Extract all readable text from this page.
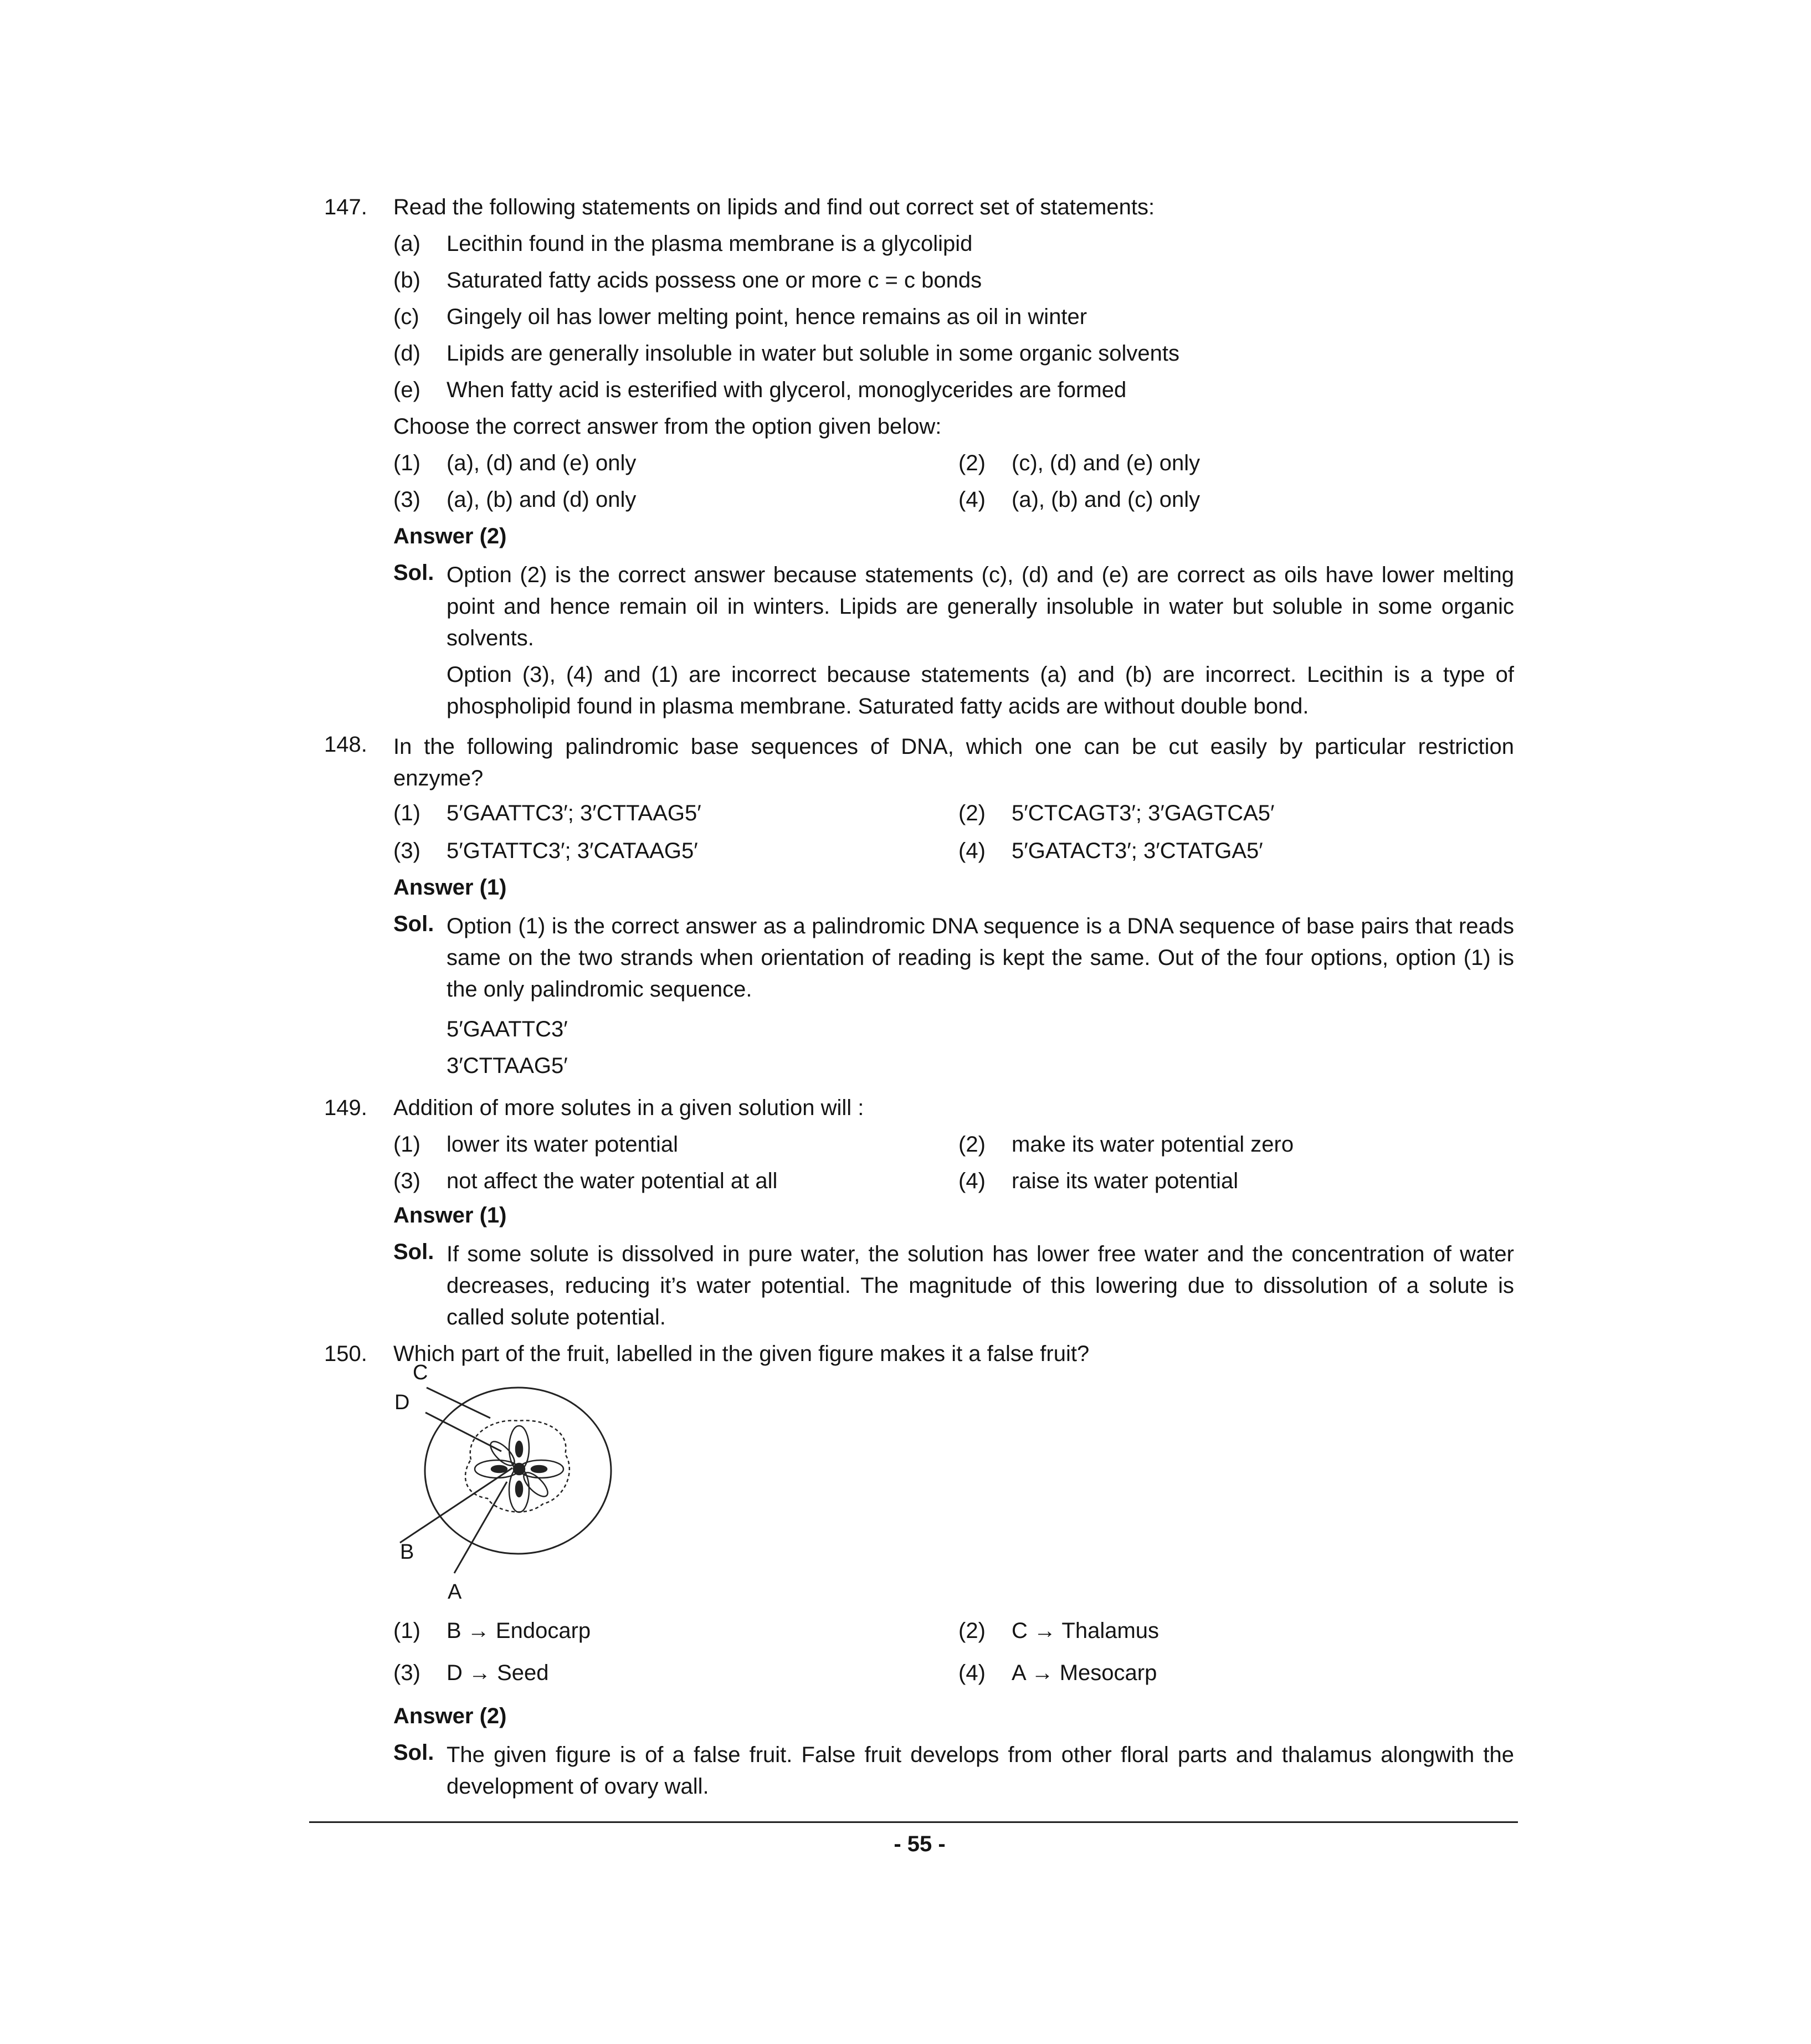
147. Read the following statements on lipids and find out correct set of statements:
(a) Lecithin found in the plasma membrane is a glycolipid
(b) Saturated fatty acids possess one or more c = c bonds
(c) Gingely oil has lower melting point, hence remains as oil in winter
(d) Lipids are generally insoluble in water but soluble in some organic solvents
(e) When fatty acid is esterified with glycerol, monoglycerides are formed
Choose the correct answer from the option given below:
(1) (a), (d) and (e) only	(2) (c), (d) and (e) only
(3) (a), (b) and (d) only	(4) (a), (b) and (c) only
Answer (2)
Sol. Option (2) is the correct answer because statements (c), (d) and (e) are correct as oils have lower melting point and hence remain oil in winters. Lipids are generally insoluble in water but soluble in some organic solvents.
Option (3), (4) and (1) are incorrect because statements (a) and (b) are incorrect. Lecithin is a type of phospholipid found in plasma membrane. Saturated fatty acids are without double bond.
148. In the following palindromic base sequences of DNA, which one can be cut easily by particular restriction enzyme?
(1) 5′GAATTC3′; 3′CTTAAG5′	(2) 5′CTCAGT3′; 3′GAGTCA5′
(3) 5′GTATTC3′; 3′CATAAG5′	(4) 5′GATACT3′; 3′CTATGA5′
Answer (1)
Sol. Option (1) is the correct answer as a palindromic DNA sequence is a DNA sequence of base pairs that reads same on the two strands when orientation of reading is kept the same. Out of the four options, option (1) is the only palindromic sequence.
5′GAATTC3′
3′CTTAAG5′
149. Addition of more solutes in a given solution will :
(1) lower its water potential	(2) make its water potential zero
(3) not affect the water potential at all	(4) raise its water potential
Answer (1)
Sol. If some solute is dissolved in pure water, the solution has lower free water and the concentration of water decreases, reducing it’s water potential. The magnitude of this lowering due to dissolution of a solute is called solute potential.
150. Which part of the fruit, labelled in the given figure makes it a false fruit?
C
D
B
A
(1) B → Endocarp	(2) C → Thalamus
(3) D → Seed	(4) A → Mesocarp
Answer (2)
Sol. The given figure is of a false fruit. False fruit develops from other floral parts and thalamus alongwith the development of ovary wall.
- 55 -
